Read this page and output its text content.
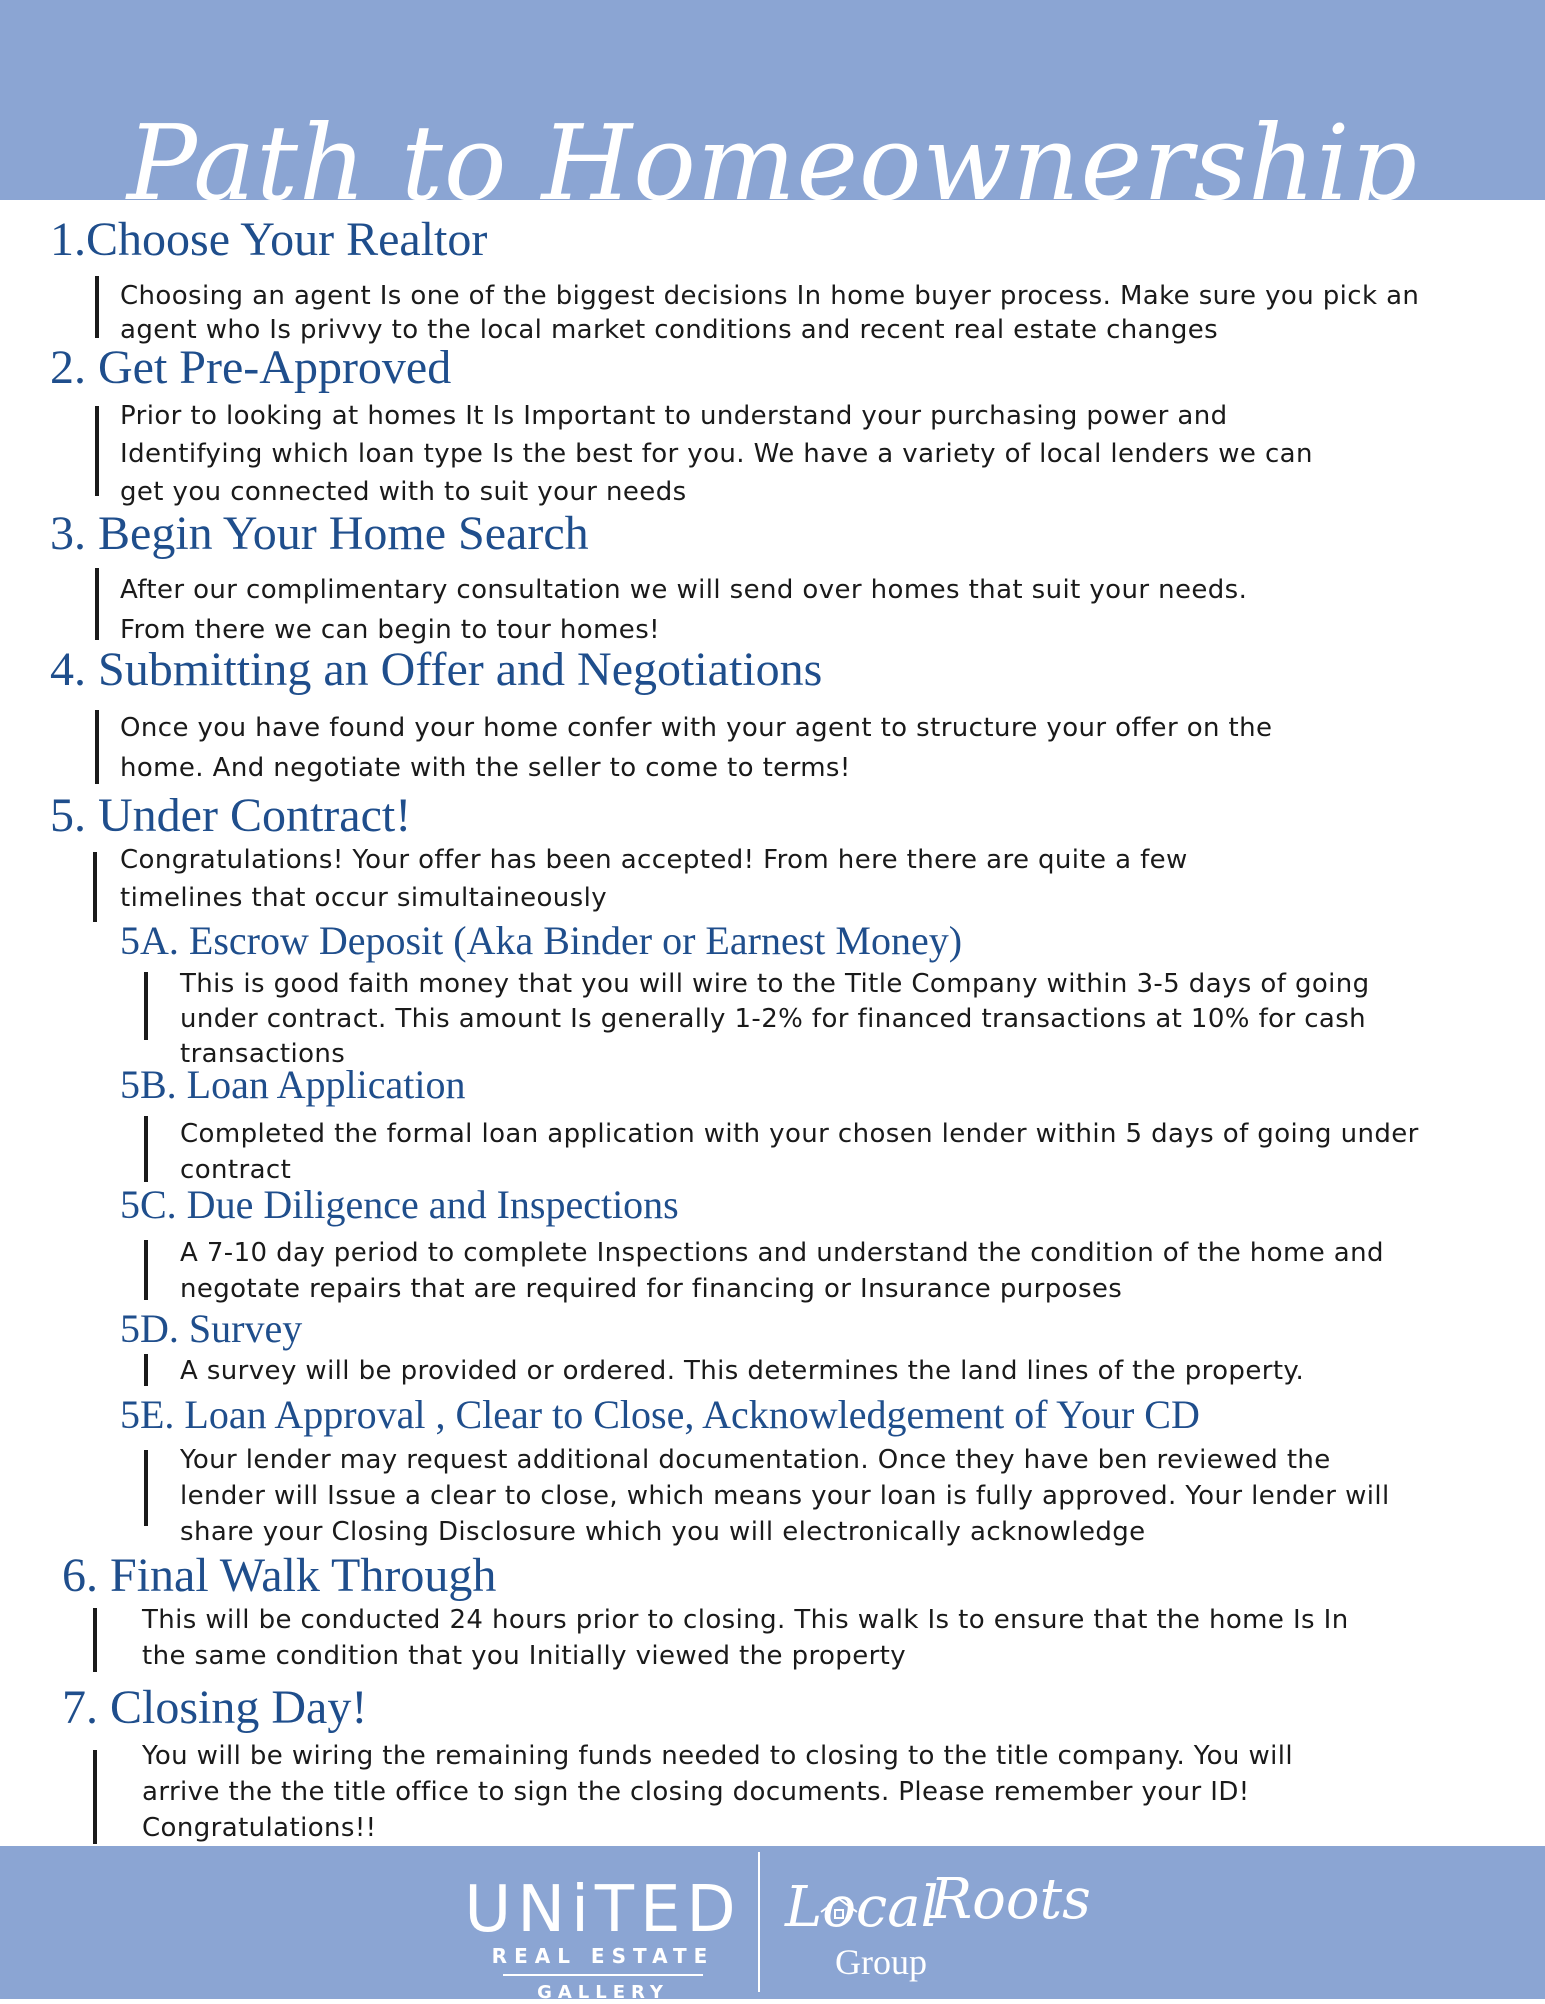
Path to Homeownership
1.Choose Your Realtor

Choosing an agent Is one of the biggest decisions In home buyer process. Make sure you pick an

agent who Is privvy to the local market conditions and recent real estate changes

2. Get Pre-Approved

Prior to looking at homes It Is Important to understand your purchasing power and

Identifying which loan type Is the best for you. We have a variety of local lenders we can

get you connected with to suit your needs

3. Begin Your Home Search

After our complimentary consultation we will send over homes that suit your needs.

From there we can begin to tour homes!

4. Submitting an Offer and Negotiations

Once you have found your home confer with your agent to structure your offer on the

home. And negotiate with the seller to come to terms!

5. Under Contract!

Congratulations! Your offer has been accepted! From here there are quite a few

timelines that occur simultaineously

5A. Escrow Deposit (Aka Binder or Earnest Money)

This is good faith money that you will wire to the Title Company within 3-5 days of going

under contract. This amount Is generally 1-2% for financed transactions at 10% for cash

transactions

5B. Loan Application

Completed the formal loan application with your chosen lender within 5 days of going under

contract

5C. Due Diligence and Inspections

A 7-10 day period to complete Inspections and understand the condition of the home and

negotate repairs that are required for financing or Insurance purposes

5D. Survey

A survey will be provided or ordered. This determines the land lines of the property.

5E. Loan Approval , Clear to Close, Acknowledgement of Your CD

Your lender may request additional documentation. Once they have ben reviewed the

lender will Issue a clear to close, which means your loan is fully approved. Your lender will

share your Closing Disclosure which you will electronically acknowledge

6. Final Walk Through

This will be conducted 24 hours prior to closing. This walk Is to ensure that the home Is In

the same condition that you Initially viewed the property

7. Closing Day!

You will be wiring the remaining funds needed to closing to the title company. You will

arrive the the title office to sign the closing documents. Please remember your ID!

Congratulations!!

UNiTED
REAL ESTATE
GALLERY
Local
Roots
Group
